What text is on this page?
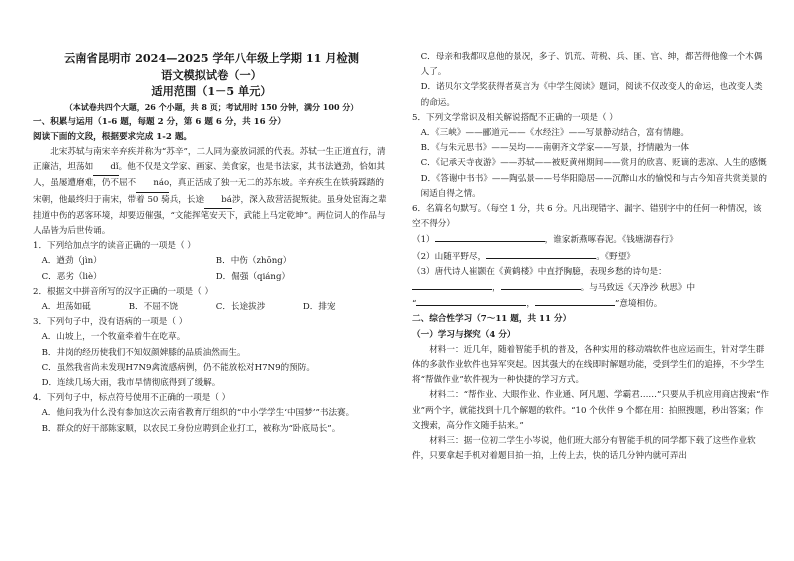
云南省昆明市 2024—2025 学年八年级上学期 11 月检测
语文模拟试卷（一）
适用范围（1－5 单元）
（本试卷共四个大题，26 个小题，共 8 页；考试用时 150 分钟，满分 100 分）
一、积累与运用（1-6 题，每题 2 分，第 6 题 6 分，共 16 分）
阅读下面的文段，根据要求完成 1-2 题。

北宋苏轼与南宋辛弃疾并称为“苏辛”，二人同为豪放词派的代表。苏轼一生正道直行，清正廉洁，坦荡如 dǐ。他不仅是文学家、画家、美食家，也是书法家，其书法遒劲，恰如其人，虽屡遭磨难，仍不屈不 náo，真正活成了独一无二的苏东坡。辛弃疾生在铁骑踩踏的宋朝，他最终归于南宋，带着 50 骑兵，长途 bá涉，深入敌营活捉叛徒。虽身处宦海之辈挂道中伤的恶客环境，却要迈催强，“文能挥笔安天下，武能上马定乾坤”。两位词人的作品与人品皆为后世传诵。

1．下列给加点字的读音正确的一项是（ ）
A．遒劲（jìn）	B．中伤（zhōng）
C．恶劣（liè）	D．倔强（qiáng）
2．根据文中拼音所写的汉字正确的一项是（ ）
A．坦荡如砥	B．不屈不饶	C．长途拔涉	D．排宠
3．下列句子中，没有语病的一项是（ ）
A．山坡上，一个牧童牵着牛在吃草。
B．井岗的经历使我们不知奴颜婢膝的品质油然而生。
C．虽然我省尚未发现H7N9禽流感病例，仍不能放松对H7N9的预防。
D．连续几场大雨，我市旱情彻底得到了缓解。
4．下列句子中，标点符号使用不正确的一项是（ ）
A．他问我为什么没有参加这次云南省教育厅组织的“中小学学生‘中国梦’”书法赛。
B．群众的好干部陈家顺，以农民工身份应聘到企业打工，被称为“卧底局长”。
C．母亲和我都叹息他的景况，多子、饥荒、苛税、兵、匪、官、绅，都苦得他像一个木偶人了。
D．诺贝尔文学奖获得者莫言为《中学生阅读》题词，阅读不仅改变人的命运，也改变人类的命运。
5．下列文学常识及相关解说搭配不正确的一项是（ ）
A．《三峡》——郦道元——《水经注》——写景静动结合，富有情趣。
B．《与朱元思书》——吴均——南朝齐文学家——写景，抒情融为一体
C．《记承天寺夜游》——苏轼——被贬黄州期间——赏月的欣喜、贬谪的悲凉、人生的感慨
D．《答谢中书书》——陶弘景——号华阳隐居——沉醉山水的愉悦和与古今知音共赏美景的闲适自得之情。
6．名篇名句默写。（每空 1 分，共 6 分。凡出现错字、漏字、错别字中的任何一种情况，该空不得分）
（1）	，谁家新燕啄春泥。《钱塘湖春行》
（2）山随平野尽，	。《野望》
（3）唐代诗人崔颢在《黄鹤楼》中直抒胸臆，表现乡愁的诗句是：
，	。与马致远《天净沙 秋思》中
“	，	”意境相仿。
二、综合性学习（7～11 题，共 11 分）
（一）学习与探究（4 分）

材料一：近几年，随着智能手机的普及，各种实用的移动端软件也应运而生，针对学生群体的多款作业软件也异军突起。因其强大的在线即时解题功能，受到学生们的追捧，不少学生将“帮做作业”软件视为一种快捷的学习方式。

材料二：“帮作业、大眼作业、作业通、阿凡题、学霸君……”只要从手机应用商店搜索“作业”两个字，就能找到十几个解题的软件。“10 个伙伴 9 个都在用：拍照搜题，秒出答案；作文搜索，高分作文随手拈来。”

材料三：据一位初二学生小岑说，他们班大部分有智能手机的同学都下载了这些作业软件，只要拿起手机对着题目拍一拍，上传上去，快的话几分钟内就可弄出
